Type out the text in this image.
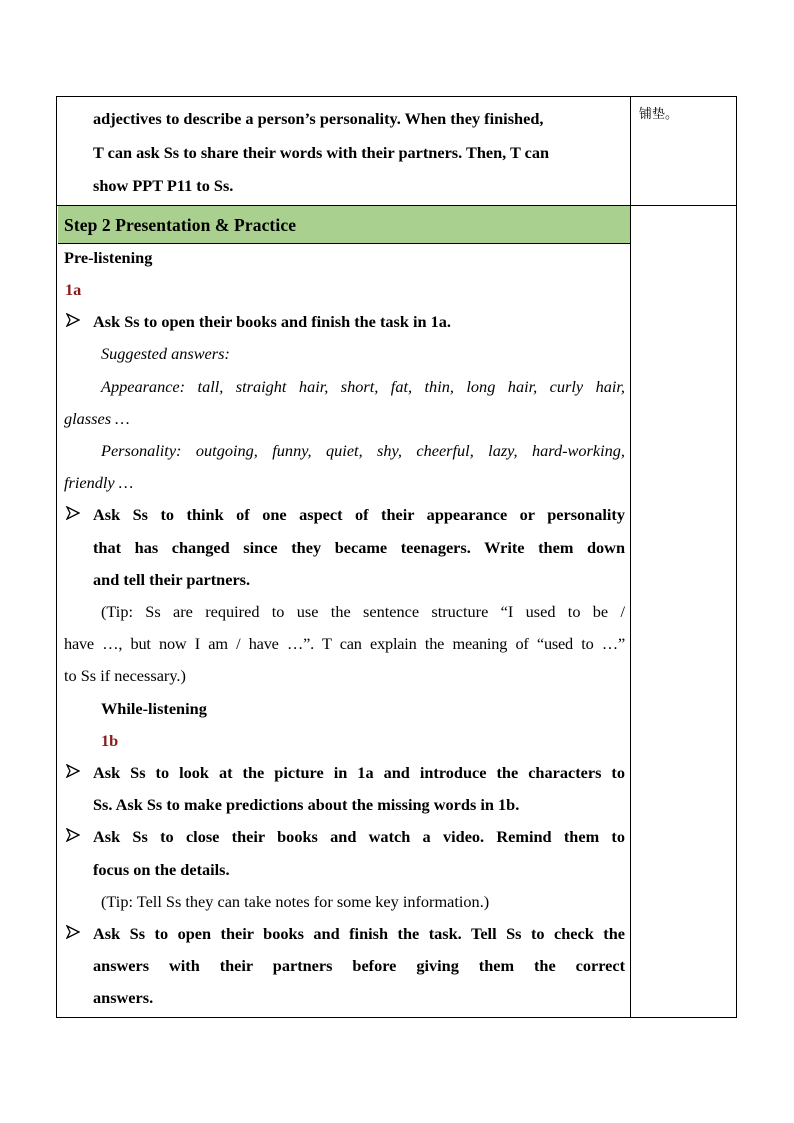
adjectives to describe a person’s personality. When they finished,
T can ask Ss to share their words with their partners. Then, T can
show PPT P11 to Ss.
铺垫。
Step 2 Presentation & Practice
Pre-listening
1a
Ask Ss to open their books and finish the task in 1a.
Suggested answers:
Appearance: tall, straight hair, short, fat, thin, long hair, curly hair,
glasses …
Personality: outgoing, funny, quiet, shy, cheerful, lazy, hard-working,
friendly …
Ask Ss to think of one aspect of their appearance or personality
that has changed since they became teenagers. Write them down
and tell their partners.
(Tip: Ss are required to use the sentence structure “I used to be /
have …, but now I am / have …”. T can explain the meaning of “used to …”
to Ss if necessary.)
While-listening
1b
Ask Ss to look at the picture in 1a and introduce the characters to
Ss. Ask Ss to make predictions about the missing words in 1b.
Ask Ss to close their books and watch a video. Remind them to
focus on the details.
(Tip: Tell Ss they can take notes for some key information.)
Ask Ss to open their books and finish the task. Tell Ss to check the
answers with their partners before giving them the correct
answers.
